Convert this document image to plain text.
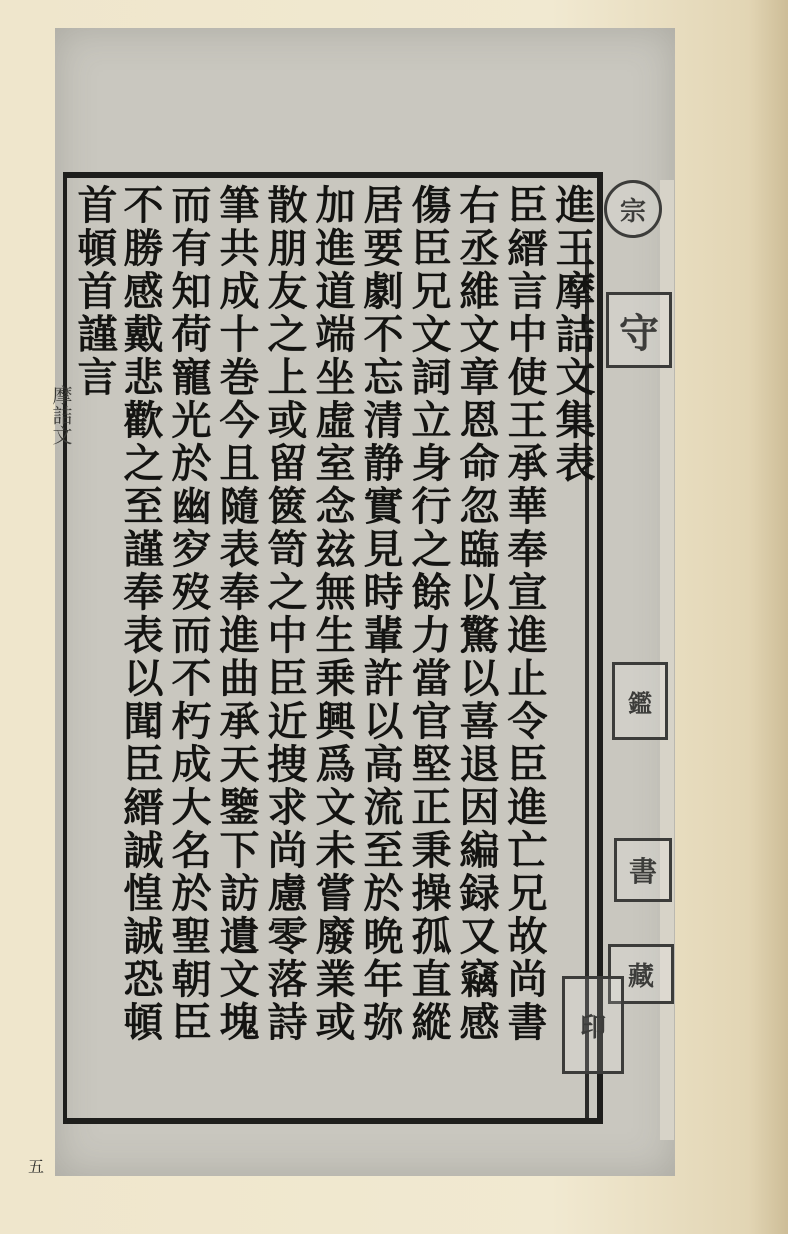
進王摩詰文集表
臣縉言中使王承華奉宣進止令臣進亡兄故尚書
右丞維文章恩命忽臨以驚以喜退因編録又竊感
傷臣兄文詞立身行之餘力當官堅正秉操孤直縱
居要劇不忘清静實見時輩許以高流至於晩年弥
加進道端坐虛室念玆無生乗興爲文未嘗廢業或
散朋友之上或留篋笥之中臣近捜求尚慮零落詩
筆共成十巻今且隨表奉進曲承天鑒下訪遺文塊
而有知荷寵光於幽穸歿而不朽成大名於聖朝臣
不勝感戴悲歡之至謹奉表以聞臣縉誠惶誠恐頓
首頓首謹言
摩詰文
宗
守
鑑
書
藏
印
五
